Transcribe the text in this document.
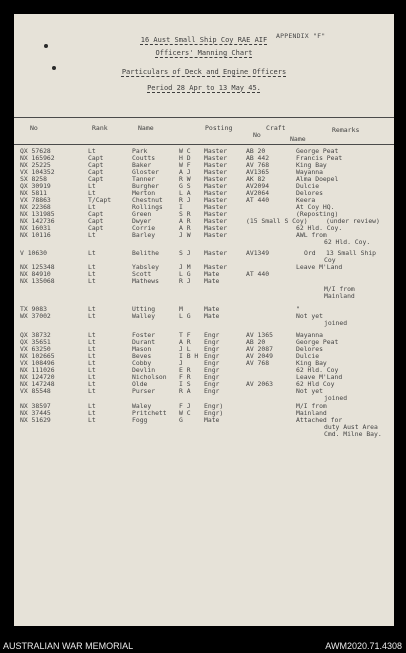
APPENDIX "F"
16 Aust Small Ship Coy RAE AIF
Officers' Manning Chart
Particulars of Deck and Engine Officers
Period 28 Apr to 13 May 45.
No	Rank	Name	Posting	Craft
No	Name
Remarks
QX 57628	Lt	Park	W C Master	AB 20	George Peat
NX 165962	Capt	Coutts	H D Master	AB 442	Francis Peat
NX 25225	Capt	Baker	W F Master	AV 768	King Bay
VX 104352	Capt	Gloster	A J Master	AV1365	Wayanna
SX 8258	Capt	Tanner	R W Master	AK 82	Alma Doepel
QX 30919	Lt	Burgher	G S Master	AV2094	Dulcie
NX 5811	Lt	Merton	L A Master	AV2064	Delores
VX 78863	T/Capt	Chestnut	R J Master	AT 440	Keera
NX 22368	Lt	Rollings	I	Master	At Coy HQ.
NX 131985	Capt	Green	S R Master	(Reposting)
NX 142736	Capt	Dwyer	A R Master	(15 Small S Coy)	(under review)
NX 16031	Capt	Corrie	A R Master	62 Hld. Coy.
NX 10116	Lt	Barley	J W Master	AWL from
62 Hld. Coy.
V 10630	Lt	Belithe	S J Master	AV1349	Ord 13 Small Ship
Coy
NX 125348	Lt	Yabsley	J M Master	Leave M'Land
NX 84910	Lt	Scott	L G Mate	AT 440
NX 135068	Lt	Mathews	R J Mate
M/I from
Mainland
TX 9083	Lt	Utting	M	Mate	"
WX 37002	Lt	Walley	L G Mate	Not yet
joined
QX 38732	Lt	Foster	T F Engr	AV 1365	Wayanna
QX 35651	Lt	Durant	A R Engr	AB 20	George Peat
VX 63250	Lt	Mason	J L Engr	AV 2087	Delores
NX 102665	Lt	Beves	I B H Engr	AV 2049	Dulcie
VX 108496	Lt	Cobby	J	Engr	AV 768	King Bay
NX 111026	Lt	Devlin	E R Engr	62 Hld. Coy
NX 124720	Lt	Nicholson F R Engr	Leave M'Land
NX 147248	Lt	Olde	I S Engr	AV 2063	62 Hld Coy
VX 85548	Lt	Purser	R A Engr	Not yet
joined
NX 38597	Lt	Waley	F J Engr)	M/I from
NX 37445	Lt	Pritchett W C Engr)	Mainland
NX 51629	Lt	Fogg	G	Mate	Attached for
duty Aust Area
Cmd. Milne Bay.
AUSTRALIAN WAR MEMORIAL	AWM2020.71.4308
